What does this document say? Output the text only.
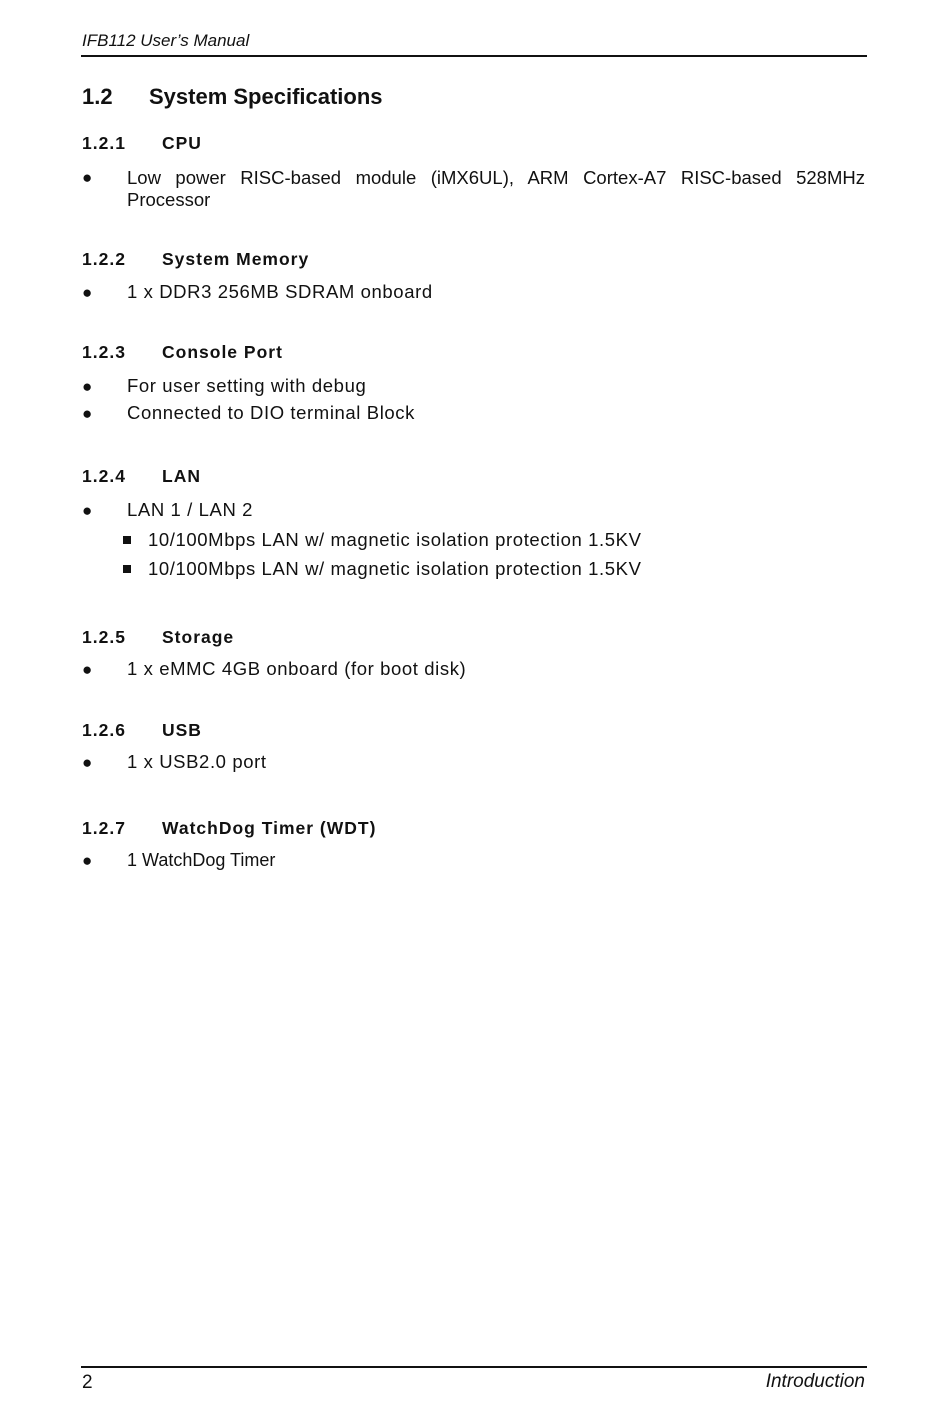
IFB112 User’s Manual
1.2 System Specifications
1.2.1 CPU
● Low power RISC-based module (iMX6UL), ARM Cortex-A7 RISC-based 528MHz
Processor
1.2.2 System Memory
● 1 x DDR3 256MB SDRAM onboard
1.2.3 Console Port
● For user setting with debug
● Connected to DIO terminal Block
1.2.4 LAN
● LAN 1 / LAN 2
10/100Mbps LAN w/ magnetic isolation protection 1.5KV
10/100Mbps LAN w/ magnetic isolation protection 1.5KV
1.2.5 Storage
● 1 x eMMC 4GB onboard (for boot disk)
1.2.6 USB
● 1 x USB2.0 port
1.2.7 WatchDog Timer (WDT)
● 1 WatchDog Timer
2	Introduction
